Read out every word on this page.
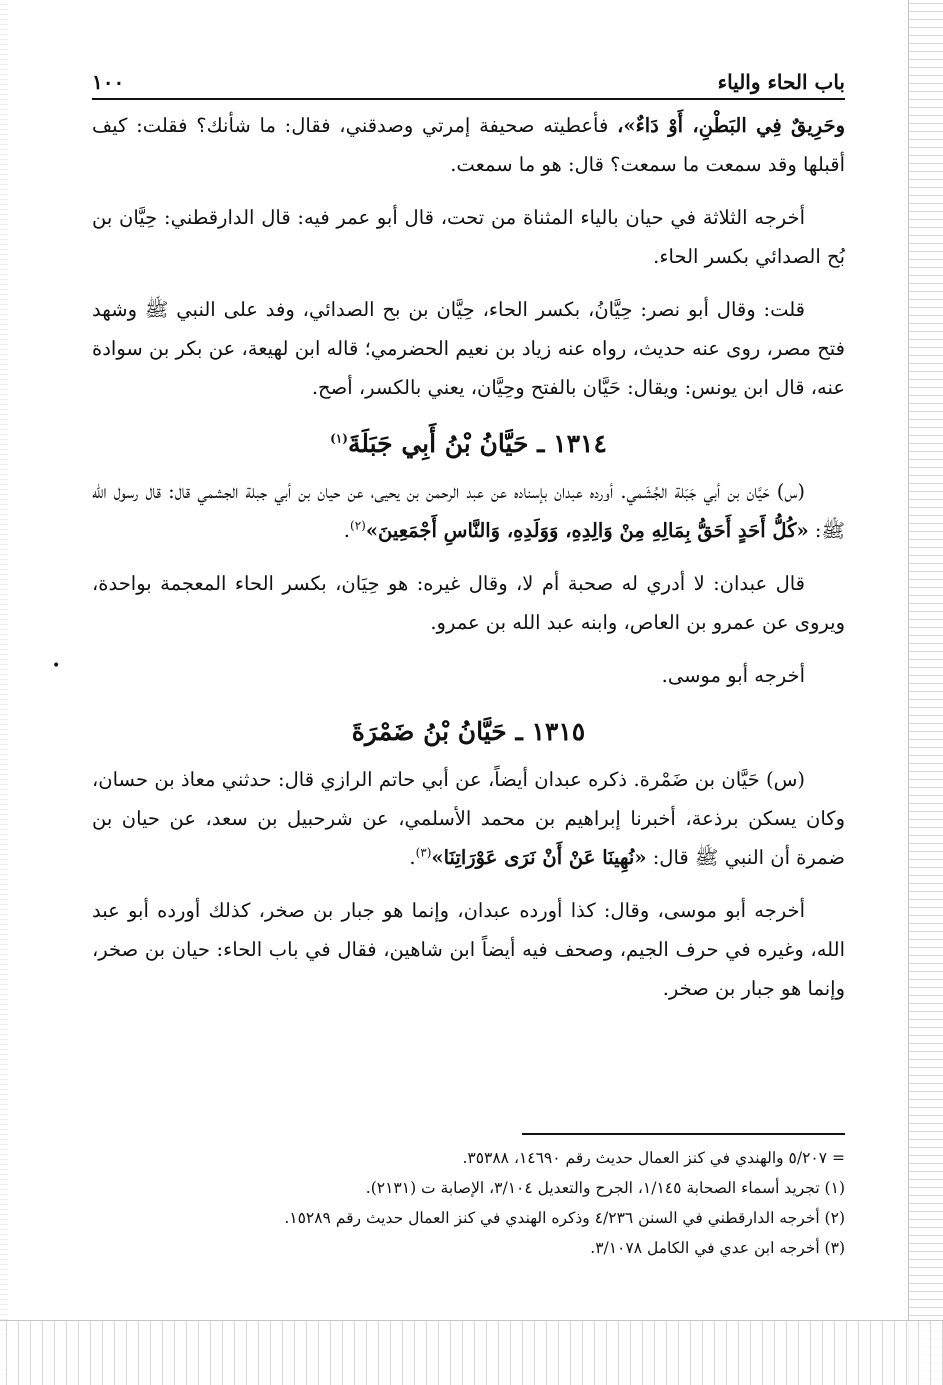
•
باب الحاء والياء
١٠٠

وحَرِيقٌ فِي البَطْنِ، أَوْ دَاءٌ»، فأعطيته صحيفة إمرتي وصدقني، فقال: ما شأنك؟ فقلت: كيف أقبلها وقد سمعت ما سمعت؟ قال: هو ما سمعت.

أخرجه الثلاثة في حيان بالياء المثناة من تحت، قال أبو عمر فيه: قال الدارقطني: حِيَّان بن بُح الصدائي بكسر الحاء.

قلت: وقال أبو نصر: حِيَّانُ، بكسر الحاء، حِيَّان بن بح الصدائي، وفد على النبي ﷺ وشهد فتح مصر، روى عنه حديث، رواه عنه زياد بن نعيم الحضرمي؛ قاله ابن لهيعة، عن بكر بن سوادة عنه، قال ابن يونس: ويقال: حَيَّان بالفتح وحِيَّان، يعني بالكسر، أصح.

١٣١٤ ـ حَيَّانُ بْنُ أَبِي جَبَلَةَ$^{(١)}$

(س) حَيَّان بن أبي جَبَلة الجُشَمي. أورده عبدان بإسناده عن عبد الرحمن بن يحيى، عن حيان بن أبي جبلة الجشمي قال: قال رسول الله ﷺ: «كُلُّ أَحَدٍ أَحَقُّ بِمَالِهِ مِنْ وَالِدِهِ، وَوَلَدِهِ، وَالنَّاسِ أَجْمَعِينَ»$^{(٢)}$.

قال عبدان: لا أدري له صحبة أم لا، وقال غيره: هو حِيَان، بكسر الحاء المعجمة بواحدة، ويروى عن عمرو بن العاص، وابنه عبد الله بن عمرو.

أخرجه أبو موسى.

١٣١٥ ـ حَيَّانُ بْنُ ضَمْرَةَ

(س) حَيَّان بن ضَمْرة. ذكره عبدان أيضاً، عن أبي حاتم الرازي قال: حدثني معاذ بن حسان، وكان يسكن برذعة، أخبرنا إبراهيم بن محمد الأسلمي، عن شرحبيل بن سعد، عن حيان بن ضمرة أن النبي ﷺ قال: «نُهِينَا عَنْ أَنْ نَرَى عَوْرَاتِنَا»$^{(٣)}$.

أخرجه أبو موسى، وقال: كذا أورده عبدان، وإنما هو جبار بن صخر، كذلك أورده أبو عبد الله، وغيره في حرف الجيم، وصحف فيه أيضاً ابن شاهين، فقال في باب الحاء: حيان بن صخر، وإنما هو جبار بن صخر.

= ٥/٢٠٧ والهندي في كنز العمال حديث رقم ١٤٦٩٠، ٣٥٣٨٨.

(١) تجريد أسماء الصحابة ١/١٤٥، الجرح والتعديل ٣/١٠٤، الإصابة ت (٢١٣١).

(٢) أخرجه الدارقطني في السنن ٤/٢٣٦ وذكره الهندي في كنز العمال حديث رقم ١٥٢٨٩.

(٣) أخرجه ابن عدي في الكامل ٣/١٠٧٨.
